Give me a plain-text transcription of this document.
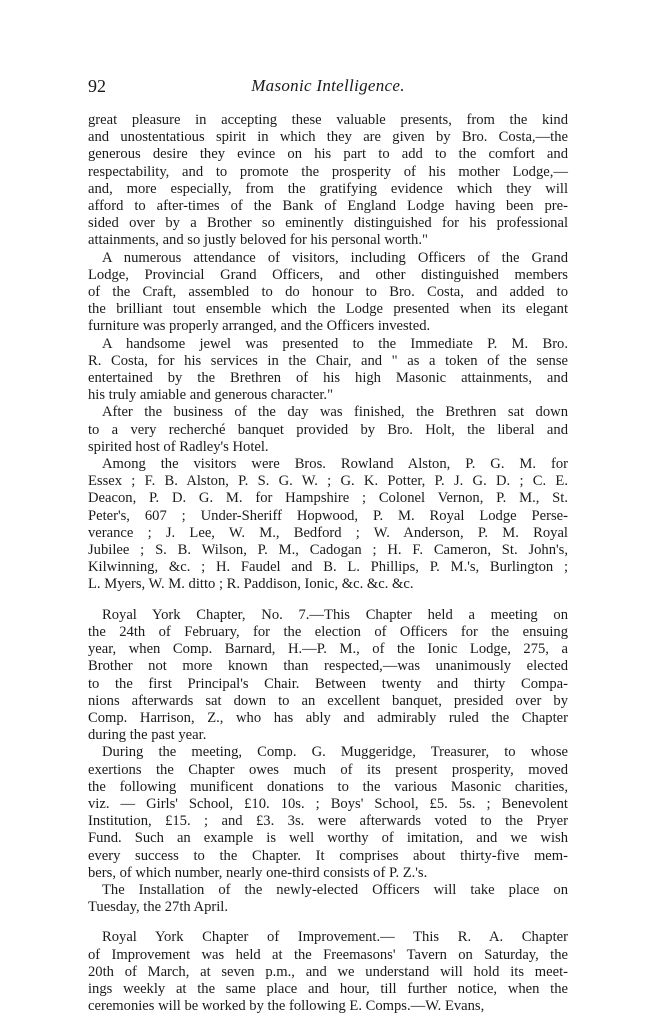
92	Masonic Intelligence.

great pleasure in accepting these valuable presents, from the kind
and unostentatious spirit in which they are given by Bro. Costa,—the
generous desire they evince on his part to add to the comfort and
respectability, and to promote the prosperity of his mother Lodge,—
and, more especially, from the gratifying evidence which they will
afford to after-times of the Bank of England Lodge having been pre-
sided over by a Brother so eminently distinguished for his professional
attainments, and so justly beloved for his personal worth."

A numerous attendance of visitors, including Officers of the Grand
Lodge, Provincial Grand Officers, and other distinguished members
of the Craft, assembled to do honour to Bro. Costa, and added to
the brilliant tout ensemble which the Lodge presented when its elegant
furniture was properly arranged, and the Officers invested.

A handsome jewel was presented to the Immediate P. M. Bro.
R. Costa, for his services in the Chair, and " as a token of the sense
entertained by the Brethren of his high Masonic attainments, and
his truly amiable and generous character."

After the business of the day was finished, the Brethren sat down
to a very recherché banquet provided by Bro. Holt, the liberal and
spirited host of Radley's Hotel.

Among the visitors were Bros. Rowland Alston, P. G. M. for
Essex ; F. B. Alston, P. S. G. W. ; G. K. Potter, P. J. G. D. ; C. E.
Deacon, P. D. G. M. for Hampshire ; Colonel Vernon, P. M., St.
Peter's, 607 ; Under-Sheriff Hopwood, P. M. Royal Lodge Perse-
verance ; J. Lee, W. M., Bedford ; W. Anderson, P. M. Royal
Jubilee ; S. B. Wilson, P. M., Cadogan ; H. F. Cameron, St. John's,
Kilwinning, &c. ; H. Faudel and B. L. Phillips, P. M.'s, Burlington ;
L. Myers, W. M. ditto ; R. Paddison, Ionic, &c. &c. &c.

Royal York Chapter, No. 7.—This Chapter held a meeting on
the 24th of February, for the election of Officers for the ensuing
year, when Comp. Barnard, H.—P. M., of the Ionic Lodge, 275, a
Brother not more known than respected,—was unanimously elected
to the first Principal's Chair. Between twenty and thirty Compa-
nions afterwards sat down to an excellent banquet, presided over by
Comp. Harrison, Z., who has ably and admirably ruled the Chapter
during the past year.

During the meeting, Comp. G. Muggeridge, Treasurer, to whose
exertions the Chapter owes much of its present prosperity, moved
the following munificent donations to the various Masonic charities,
viz. — Girls' School, £10. 10s. ; Boys' School, £5. 5s. ; Benevolent
Institution, £15. ; and £3. 3s. were afterwards voted to the Pryer
Fund. Such an example is well worthy of imitation, and we wish
every success to the Chapter. It comprises about thirty-five mem-
bers, of which number, nearly one-third consists of P. Z.'s.

The Installation of the newly-elected Officers will take place on
Tuesday, the 27th April.

Royal York Chapter of Improvement.— This R. A. Chapter
of Improvement was held at the Freemasons' Tavern on Saturday, the
20th of March, at seven p.m., and we understand will hold its meet-
ings weekly at the same place and hour, till further notice, when the
ceremonies will be worked by the following E. Comps.—W. Evans,
